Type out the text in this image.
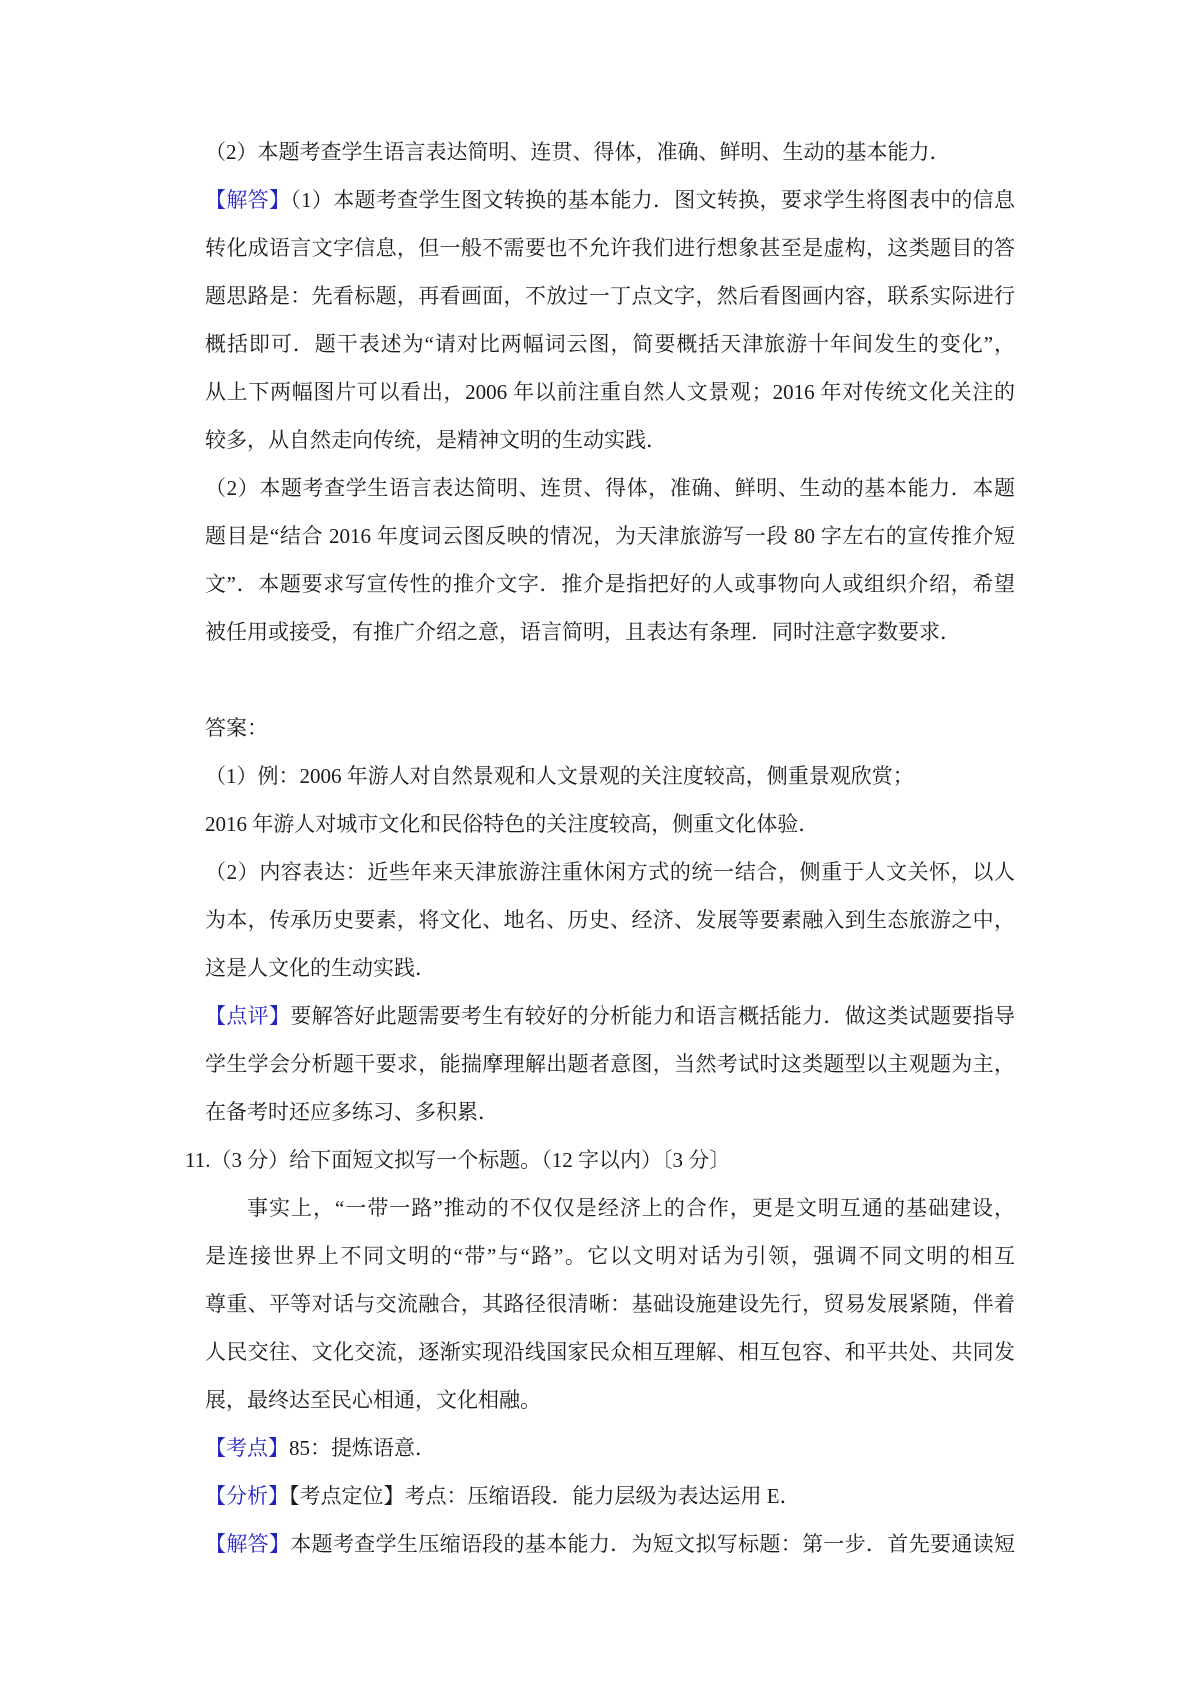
（2）本题考查学生语言表达简明、连贯、得体，准确、鲜明、生动的基本能力．
【解答】（1）本题考查学生图文转换的基本能力．图文转换，要求学生将图表中的信息
转化成语言文字信息，但一般不需要也不允许我们进行想象甚至是虚构，这类题目的答
题思路是：先看标题，再看画面，不放过一丁点文字，然后看图画内容，联系实际进行
概括即可．题干表述为“请对比两幅词云图，简要概括天津旅游十年间发生的变化”，
从上下两幅图片可以看出，2006 年以前注重自然人文景观；2016 年对传统文化关注的
较多，从自然走向传统，是精神文明的生动实践．
（2）本题考查学生语言表达简明、连贯、得体，准确、鲜明、生动的基本能力．本题
题目是“结合 2016 年度词云图反映的情况，为天津旅游写一段 80 字左右的宣传推介短
文”．本题要求写宣传性的推介文字．推介是指把好的人或事物向人或组织介绍，希望
被任用或接受，有推广介绍之意，语言简明，且表达有条理．同时注意字数要求．
答案：
（1）例：2006 年游人对自然景观和人文景观的关注度较高，侧重景观欣赏；
2016 年游人对城市文化和民俗特色的关注度较高，侧重文化体验．
（2）内容表达：近些年来天津旅游注重休闲方式的统一结合，侧重于人文关怀，以人
为本，传承历史要素，将文化、地名、历史、经济、发展等要素融入到生态旅游之中，
这是人文化的生动实践．
【点评】要解答好此题需要考生有较好的分析能力和语言概括能力．做这类试题要指导
学生学会分析题干要求，能揣摩理解出题者意图，当然考试时这类题型以主观题为主，
在备考时还应多练习、多积累．
11.（3 分）给下面短文拟写一个标题。（12 字以内）〔3 分〕
事实上，“一带一路”推动的不仅仅是经济上的合作，更是文明互通的基础建设，
是连接世界上不同文明的“带”与“路”。它以文明对话为引领，强调不同文明的相互
尊重、平等对话与交流融合，其路径很清晰：基础设施建设先行，贸易发展紧随，伴着
人民交往、文化交流，逐渐实现沿线国家民众相互理解、相互包容、和平共处、共同发
展，最终达至民心相通，文化相融。
【考点】85：提炼语意．
【分析】【考点定位】考点：压缩语段．能力层级为表达运用 E．
【解答】本题考查学生压缩语段的基本能力．为短文拟写标题：第一步．首先要通读短
